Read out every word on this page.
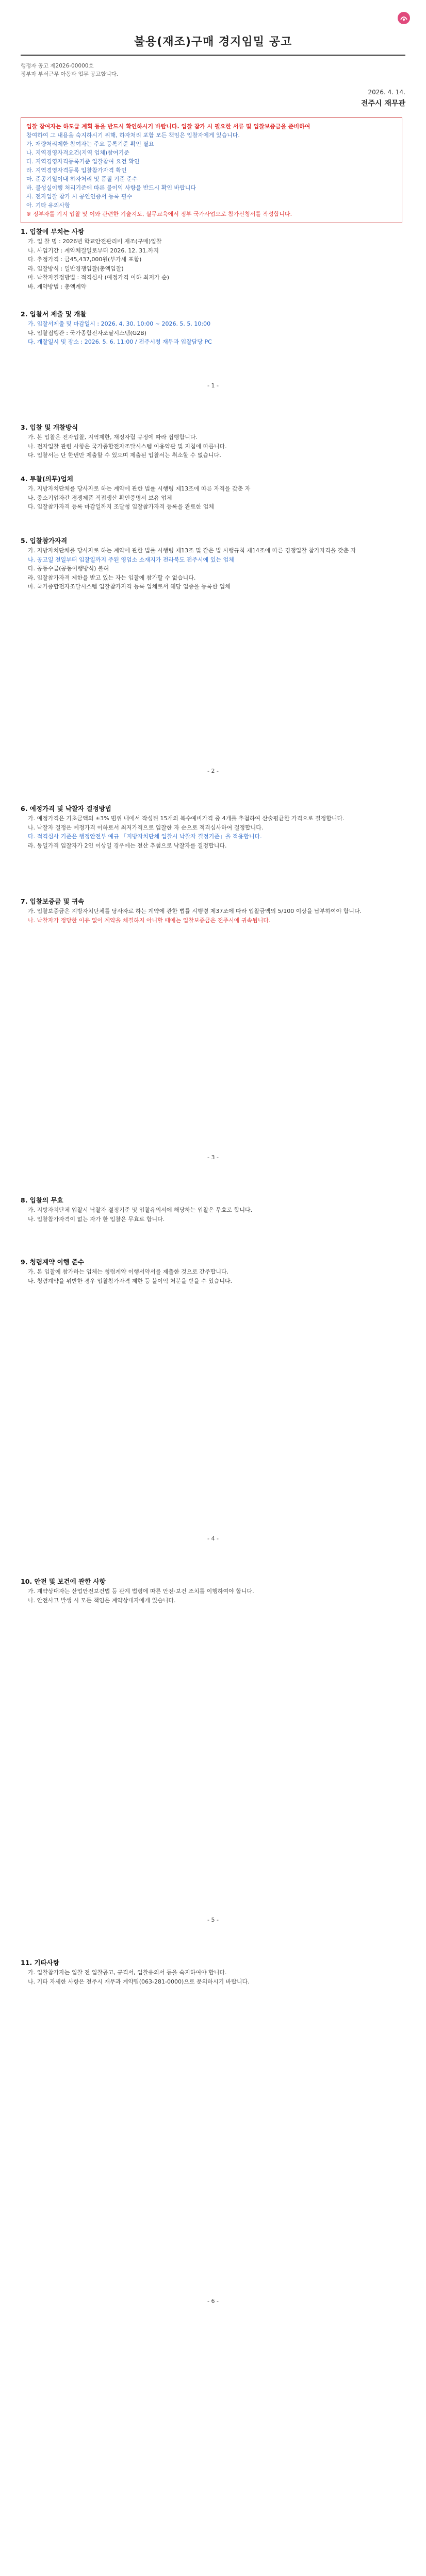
불용(재조)구매 경지임밀 공고

행정자 공고 제2026-00000호

정부자 부서근무 아동과 업무 공고합니다.

2026. 4. 14.
전주시 재무관

입찰 참여자는 하도급 계획 등을 반드시 확인하시기 바랍니다. 입찰 참가 시 필요한 서류 및 입찰보증금을 준비하여

참여하여 그 내용을 숙지하시기 위해, 하자처리 포함 모든 책임은 입찰자에게 있습니다.

가. 재량처리제한 참여자는 주요 등록기준 확인 필요

나. 지역경영자격요건(지역 업체)참여기준

다. 지역경영자격등록기준 입찰참여 요건 확인

라. 지역경영자격등록 입찰참가자격 확인

마. 준공기일이내 하자처리 및 품질 기준 준수

바. 불성실이행 처리기준에 따른 불이익 사항을 반드시 확인 바랍니다

사. 전자입찰 참가 시 공인인증서 등록 필수

아. 기타 유의사항

※ 정부자를 기지 입찰 및 이와 관련한 기술지도, 실무교육에서 정부 국가사업으로 참가신청서를 작성합니다.

1. 입찰에 부치는 사항

가. 입 찰 명 : 2026년 학교안전관리비 재조(구매)입찰

나. 사업기간 : 계약체결일로부터 2026. 12. 31.까지

다. 추정가격 : 금45,437,000원(부가세 포함)

라. 입찰방식 : 일반경쟁입찰(총액입찰)

마. 낙찰자결정방법 : 적격심사 (예정가격 이하 최저가 순)

바. 계약방법 : 총액계약

2. 입찰서 제출 및 개찰

가. 입찰서제출 및 마감일시 : 2026. 4. 30. 10:00 ~ 2026. 5. 5. 10:00

나. 입찰집행관 : 국가종합전자조달시스템(G2B)

다. 개찰일시 및 장소 : 2026. 5. 6. 11:00 / 전주시청 재무과 입찰담당 PC

- 1 -

3. 입찰 및 개찰방식

가. 본 입찰은 전자입찰, 지역제한, 재정자립 규정에 따라 집행합니다.

나. 전자입찰 관련 사항은 국가종합전자조달시스템 이용약관 및 지침에 따릅니다.

다. 입찰서는 단 한번만 제출할 수 있으며 제출된 입찰서는 취소할 수 없습니다.

4. 투찰(의무)업체

가. 지방자치단체를 당사자로 하는 계약에 관한 법률 시행령 제13조에 따른 자격을 갖춘 자

나. 중소기업자간 경쟁제품 직접생산 확인증명서 보유 업체

다. 입찰참가자격 등록 마감일까지 조달청 입찰참가자격 등록을 완료한 업체

5. 입찰참가자격

가. 지방자치단체를 당사자로 하는 계약에 관한 법률 시행령 제13조 및 같은 법 시행규칙 제14조에 따른 경쟁입찰 참가자격을 갖춘 자

나. 공고일 전일부터 입찰일까지 주된 영업소 소재지가 전라북도 전주시에 있는 업체

다. 공동수급(공동이행방식) 불허

라. 입찰참가자격 제한을 받고 있는 자는 입찰에 참가할 수 없습니다.

마. 국가종합전자조달시스템 입찰참가자격 등록 업체로서 해당 업종을 등록한 업체

- 2 -

6. 예정가격 및 낙찰자 결정방법

가. 예정가격은 기초금액의 ±3% 범위 내에서 작성된 15개의 복수예비가격 중 4개를 추첨하여 산술평균한 가격으로 결정합니다.

나. 낙찰자 결정은 예정가격 이하로서 최저가격으로 입찰한 자 순으로 적격심사하여 결정합니다.

다. 적격심사 기준은 행정안전부 예규 「지방자치단체 입찰시 낙찰자 결정기준」을 적용합니다.

라. 동일가격 입찰자가 2인 이상일 경우에는 전산 추첨으로 낙찰자를 결정합니다.

7. 입찰보증금 및 귀속

가. 입찰보증금은 지방자치단체를 당사자로 하는 계약에 관한 법률 시행령 제37조에 따라 입찰금액의 5/100 이상을 납부하여야 합니다.

나. 낙찰자가 정당한 이유 없이 계약을 체결하지 아니할 때에는 입찰보증금은 전주시에 귀속됩니다.

- 3 -

8. 입찰의 무효

가. 지방자치단체 입찰시 낙찰자 결정기준 및 입찰유의서에 해당하는 입찰은 무효로 합니다.

나. 입찰참가자격이 없는 자가 한 입찰은 무효로 합니다.

9. 청렴계약 이행 준수

가. 본 입찰에 참가하는 업체는 청렴계약 이행서약서를 제출한 것으로 간주합니다.

나. 청렴계약을 위반한 경우 입찰참가자격 제한 등 불이익 처분을 받을 수 있습니다.

- 4 -

10. 안전 및 보건에 관한 사항

가. 계약상대자는 산업안전보건법 등 관계 법령에 따른 안전·보건 조치를 이행하여야 합니다.

나. 안전사고 발생 시 모든 책임은 계약상대자에게 있습니다.

- 5 -

11. 기타사항

가. 입찰참가자는 입찰 전 입찰공고, 규격서, 입찰유의서 등을 숙지하여야 합니다.

나. 기타 자세한 사항은 전주시 재무과 계약팀(063-281-0000)으로 문의하시기 바랍니다.

- 6 -
